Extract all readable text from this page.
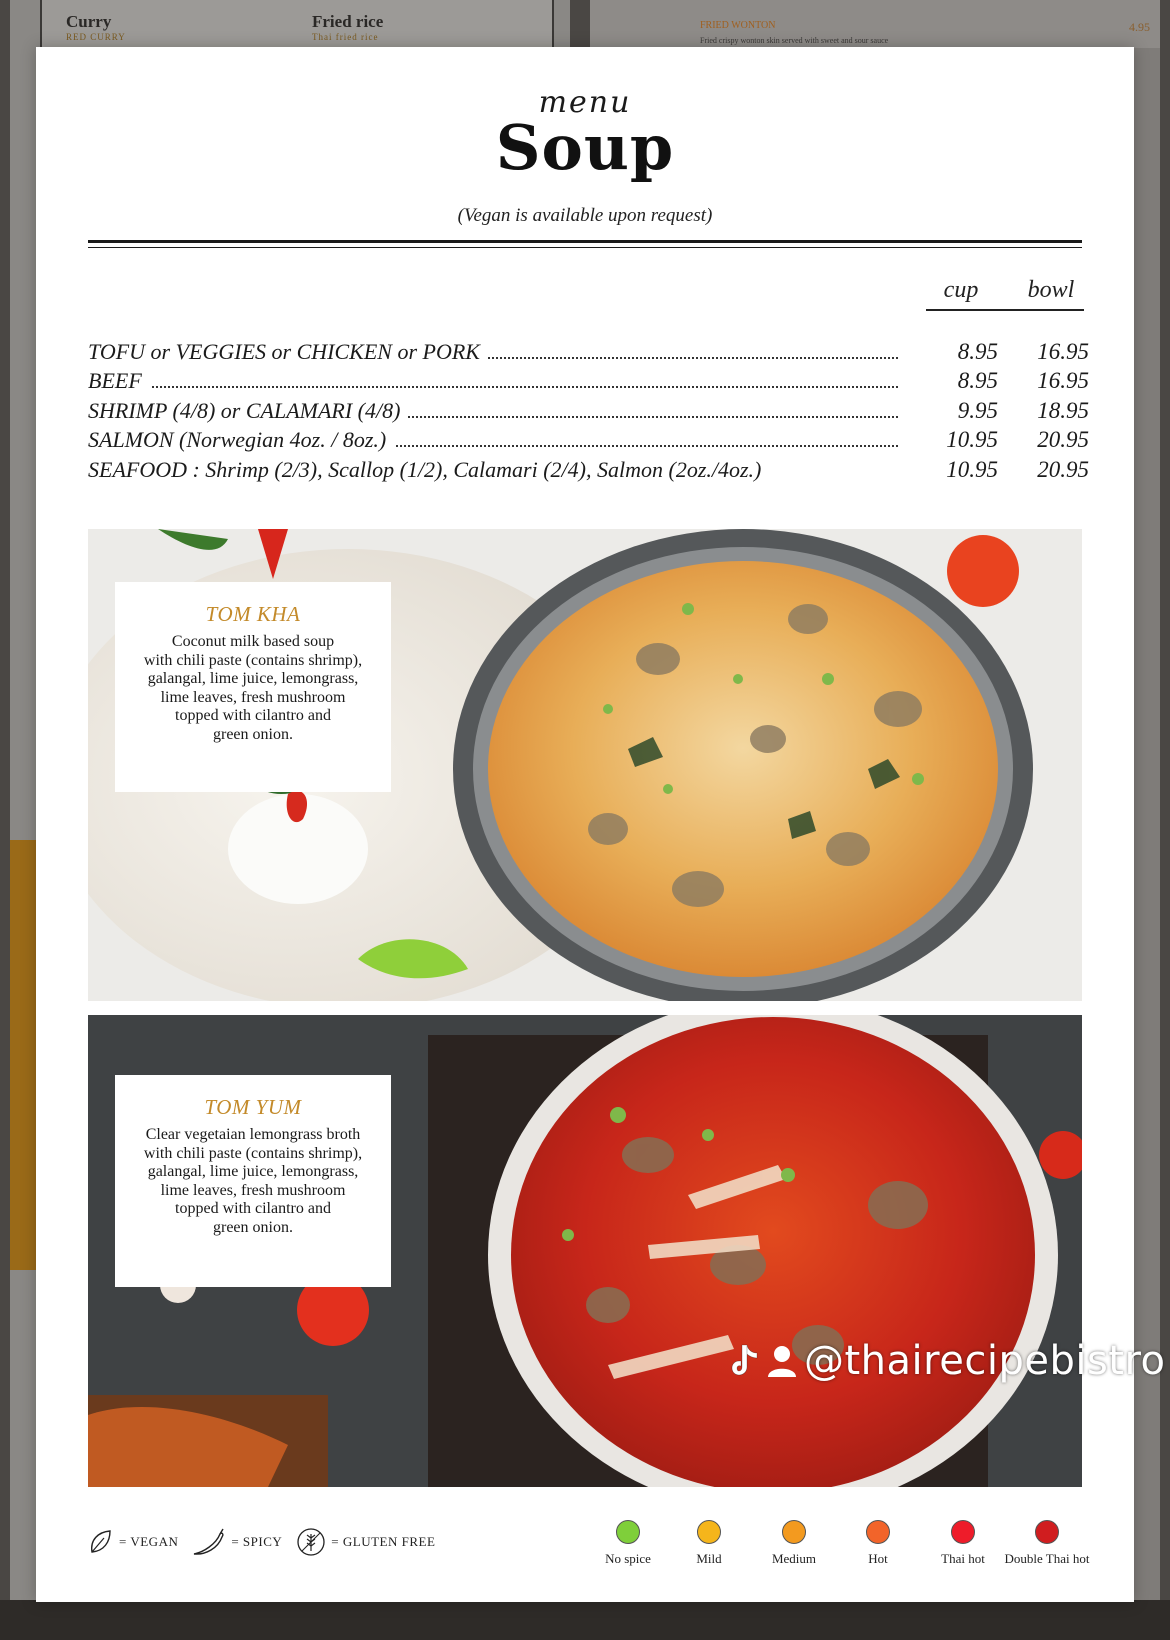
Curry
RED CURRY
Fried rice
Thai fried rice
FRIED WONTON
Fried crispy wonton skin served with sweet and sour sauce
4.95
menu
Soup
(Vegan is available upon request)
cup	bowl
TOFU or VEGGIES or CHICKEN or PORK	8.95	16.95
BEEF	8.95	16.95
SHRIMP (4/8) or CALAMARI (4/8)	9.95	18.95
SALMON (Norwegian 4oz. / 8oz.)	10.95	20.95
SEAFOOD : Shrimp (2/3), Scallop (1/2), Calamari (2/4), Salmon (2oz./4oz.)	10.95	20.95
TOM KHA
Coconut milk based soup
with chili paste (contains shrimp),
galangal, lime juice, lemongrass,
lime leaves, fresh mushroom
topped with cilantro and
green onion.
TOM YUM
Clear vegetaian lemongrass broth
with chili paste (contains shrimp),
galangal, lime juice, lemongrass,
lime leaves, fresh mushroom
topped with cilantro and
green onion.
= VEGAN	= SPICY	= GLUTEN FREE
No spice	Mild	Medium	Hot	Thai hot Double Thai hot
@thairecipebistro
